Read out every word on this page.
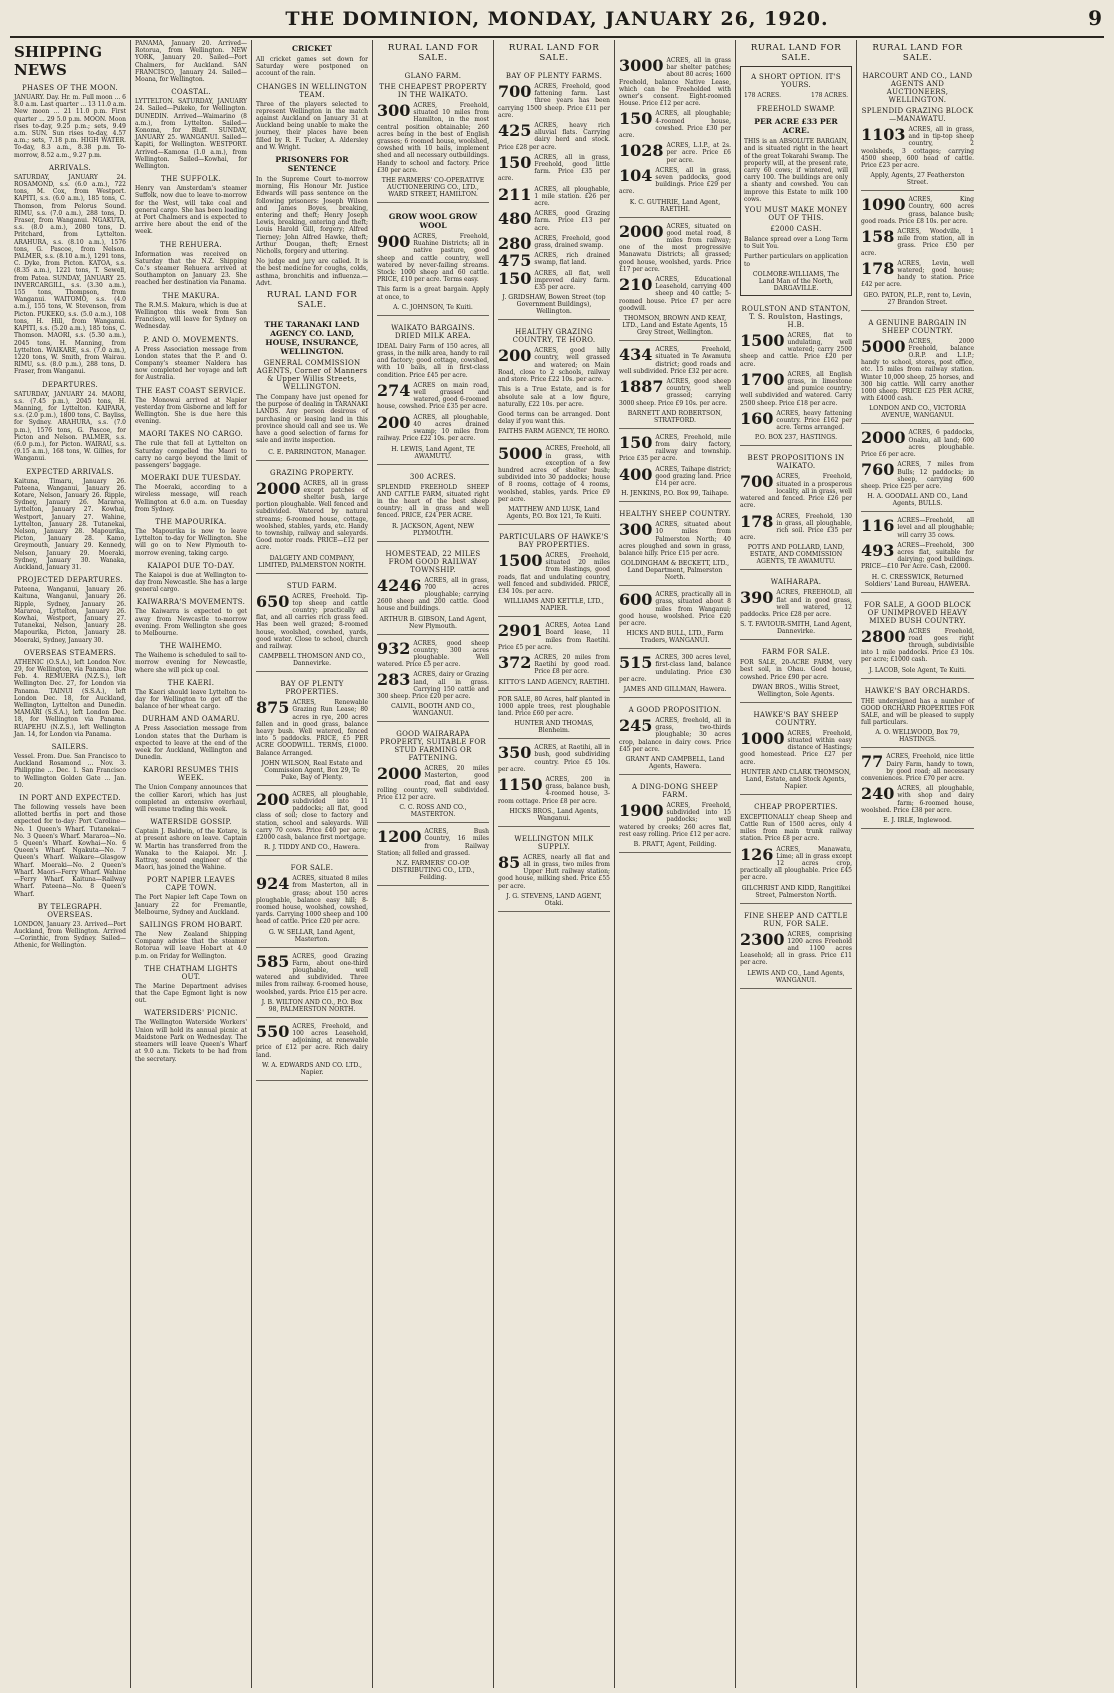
THE DOMINION, MONDAY, JANUARY 26, 1920.	9
SHIPPING NEWS
PHASES OF THE MOON.

JANUARY. Day. Hr. m. Full moon ... 6 8.0 a.m. Last quarter ... 13 11.0 a.m. New moon ... 21 11.0 p.m. First quarter ... 29 5.0 p.m. MOON. Moon rises to-day, 9.25 p.m.; sets, 9.49 a.m. SUN. Sun rises to-day, 4.57 a.m.; sets, 7.18 p.m. HIGH WATER. To-day, 8.3 a.m., 8.38 p.m. To-morrow, 8.52 a.m., 9.27 p.m.

ARRIVALS.

SATURDAY, JANUARY 24. ROSAMOND, s.s. (6.0 a.m.), 722 tons, M. Cox, from Westport. KAPITI, s.s. (6.0 a.m.), 185 tons, C. Thomson, from Pelorus Sound. RIMU, s.s. (7.0 a.m.), 288 tons, D. Fraser, from Wanganui. NGAKUTA, s.s. (8.0 a.m.), 2080 tons, D. Pritchard, from Lyttelton. ARAHURA, s.s. (8.10 a.m.), 1576 tons, G. Pascoe, from Nelson. PALMER, s.s. (8.10 a.m.), 1291 tons, C. Dyke, from Picton. KATOA, s.s. (8.35 a.m.), 1221 tons, T. Sewell, from Patea. SUNDAY, JANUARY 25. INVERCARGILL, s.s. (3.30 a.m.), 155 tons, Thompson, from Wanganui. WAITOMO, s.s. (4.0 a.m.), 155 tons, W. Stevenson, from Picton. PUKEKO, s.s. (5.0 a.m.), 108 tons, H. Hill, from Wanganui. KAPITI, s.s. (5.20 a.m.), 185 tons, C. Thomson. MAORI, s.s. (5.30 a.m.), 2045 tons, H. Manning, from Lyttelton. WAIKARE, s.s. (7.0 a.m.), 1220 tons, W. Smith, from Wairau. RIMU, s.s. (8.0 p.m.), 288 tons, D. Fraser, from Wanganui.

DEPARTURES.

SATURDAY, JANUARY 24. MAORI, s.s. (7.45 p.m.), 2045 tons, H. Manning, for Lyttelton. KAIPARA, s.s. (2.0 p.m.), 1800 tons, C. Bayliss, for Sydney. ARAHURA, s.s. (7.0 p.m.), 1576 tons, G. Pascoe, for Picton and Nelson. PALMER, s.s. (6.0 p.m.), for Picton. WAIRAU, s.s. (9.15 a.m.), 168 tons, W. Gillies, for Wanganui.

EXPECTED ARRIVALS.

Kaituna, Timaru, January 26. Pateena, Wanganui, January 26. Kotare, Nelson, January 26. Ripple, Sydney, January 26. Mararoa, Lyttelton, January 27. Kowhai, Westport, January 27. Wahine, Lyttelton, January 28. Tutanekai, Nelson, January 28. Mapourika, Picton, January 28. Kamo, Greymouth, January 29. Kennedy, Nelson, January 29. Moeraki, Sydney, January 30. Wanaka, Auckland, January 31.

PROJECTED DEPARTURES.

Pateena, Wanganui, January 26. Kaituna, Wanganui, January 26. Ripple, Sydney, January 26. Mararoa, Lyttelton, January 26. Kowhai, Westport, January 27. Tutanekai, Nelson, January 28. Mapourika, Picton, January 28. Moeraki, Sydney, January 30.

OVERSEAS STEAMERS.

ATHENIC (O.S.A.), left London Nov. 29, for Wellington, via Panama. Due Feb. 4. REMUERA (N.Z.S.), left Wellington Dec. 27, for London via Panama. TAINUI (S.S.A.), left London Dec. 18, for Auckland, Wellington, Lyttelton and Dunedin. MAMARI (S.S.A.), left London Dec. 18, for Wellington via Panama. RUAPEHU (N.Z.S.), left Wellington Jan. 14, for London via Panama.

SAILERS.

Vessel. From. Due. San Francisco to Auckland Rosamond ... Nov. 3. Philippine ... Dec. 1. San Francisco to Wellington Golden Gate ... Jan. 20.

IN PORT AND EXPECTED.

The following vessels have been allotted berths in port and those expected for to-day: Port Caroline—No. 1 Queen's Wharf. Tutanekai—No. 3 Queen's Wharf. Mararoa—No. 5 Queen's Wharf. Kowhai—No. 6 Queen's Wharf. Ngakuta—No. 7 Queen's Wharf. Waikare—Glasgow Wharf. Moeraki—No. 2 Queen's Wharf. Maori—Ferry Wharf. Wahine—Ferry Wharf. Kaituna—Railway Wharf. Pateena—No. 8 Queen's Wharf.

BY TELEGRAPH. OVERSEAS.

LONDON, January 23. Arrived—Port Auckland, from Wellington. Arrived—Corinthic, from Sydney. Sailed—Athenic, for Wellington.

PANAMA, January 20. Arrived—Rotorua, from Wellington. NEW YORK, January 20. Sailed—Port Chalmers, for Auckland. SAN FRANCISCO, January 24. Sailed—Moana, for Wellington.

COASTAL.

LYTTELTON. SATURDAY, JANUARY 24. Sailed—Pukeko, for Wellington. DUNEDIN. Arrived—Waimarino (8 a.m.), from Lyttelton. Sailed—Konoma, for Bluff. SUNDAY, JANUARY 25. WANGANUI. Sailed—Kapiti, for Wellington. WESTPORT. Arrived—Kamona (1.0 a.m.), from Wellington. Sailed—Kowhai, for Wellington.

THE SUFFOLK.

Henry van Amsterdam's steamer Suffolk, now due to leave to-morrow for the West, will take coal and general cargo. She has been loading at Port Chalmers and is expected to arrive here about the end of the week.

THE REHUERA.

Information was received on Saturday that the N.Z. Shipping Co.'s steamer Rehuera arrived at Southampton on January 23. She reached her destination via Panama.

THE MAKURA.

The R.M.S. Makura, which is due at Wellington this week from San Francisco, will leave for Sydney on Wednesday.

P. AND O. MOVEMENTS.

A Press Association message from London states that the P. and O. Company's steamer Naldera has now completed her voyage and left for Australia.

THE EAST COAST SERVICE.

The Monowai arrived at Napier yesterday from Gisborne and left for Wellington. She is due here this evening.

MAORI TAKES NO CARGO.

The rule that fell at Lyttelton on Saturday compelled the Maori to carry no cargo beyond the limit of passengers' baggage.

MOERAKI DUE TUESDAY.

The Moeraki, according to a wireless message, will reach Wellington at 6.0 a.m. on Tuesday from Sydney.

THE MAPOURIKA.

The Mapourika is now to leave Lyttelton to-day for Wellington. She will go on to New Plymouth to-morrow evening, taking cargo.

KAIAPOI DUE TO-DAY.

The Kaiapoi is due at Wellington to-day from Newcastle. She has a large general cargo.

KAIWARRA'S MOVEMENTS.

The Kaiwarra is expected to get away from Newcastle to-morrow evening. From Wellington she goes to Melbourne.

THE WAIHEMO.

The Waihemo is scheduled to sail to-morrow evening for Newcastle, where she will pick up coal.

THE KAERI.

The Kaeri should leave Lyttelton to-day for Wellington to get off the balance of her wheat cargo.

DURHAM AND OAMARU.

A Press Association message from London states that the Durham is expected to leave at the end of the week for Auckland, Wellington and Dunedin.

KARORI RESUMES THIS WEEK.

The Union Company announces that the collier Karori, which has just completed an extensive overhaul, will resume trading this week.

WATERSIDE GOSSIP.

Captain J. Baldwin, of the Kotare, is at present ashore on leave. Captain W. Martin has transferred from the Wanaka to the Kaiapoi. Mr. J. Rattray, second engineer of the Maori, has joined the Wahine.

PORT NAPIER LEAVES CAPE TOWN.

The Port Napier left Cape Town on January 22 for Fremantle, Melbourne, Sydney and Auckland.

SAILINGS FROM HOBART.

The New Zealand Shipping Company advise that the steamer Rotorua will leave Hobart at 4.0 p.m. on Friday for Wellington.

THE CHATHAM LIGHTS OUT.

The Marine Department advises that the Cape Egmont light is now out.

WATERSIDERS' PICNIC.

The Wellington Waterside Workers' Union will hold its annual picnic at Maidstone Park on Wednesday. The steamers will leave Queen's Wharf at 9.0 a.m. Tickets to be had from the secretary.

CRICKET

All cricket games set down for Saturday were postponed on account of the rain.

CHANGES IN WELLINGTON TEAM.

Three of the players selected to represent Wellington in the match against Auckland on January 31 at Auckland being unable to make the journey, their places have been filled by R. F. Tucker, A. Aldersley and W. Wright.

PRISONERS FOR SENTENCE

In the Supreme Court to-morrow morning, His Honour Mr. Justice Edwards will pass sentence on the following prisoners: Joseph Wilson and James Boyes, breaking, entering and theft; Henry Joseph Lewis, breaking, entering and theft; Louis Harold Gill, forgery; Alfred Tierney; John Alfred Hawke, theft; Arthur Dougan, theft; Ernest Nicholls, forgery and uttering.

No judge and jury are called. It is the best medicine for coughs, colds, asthma, bronchitis and influenza.—Advt.

RURAL LAND FOR SALE.
THE TARANAKI LAND AGENCY CO. LAND, HOUSE, INSURANCE, WELLINGTON.
GENERAL COMMISSION AGENTS, Corner of Manners & Upper Willis Streets, WELLINGTON.

The Company have just opened for the purpose of dealing in TARANAKI LANDS. Any person desirous of purchasing or leasing land in this province should call and see us. We have a good selection of farms for sale and invite inspection.

C. E. PARRINGTON, Manager.
GRAZING PROPERTY.
2000 ACRES, all in grass except patches of shelter bush, large portion ploughable. Well fenced and subdivided. Watered by natural streams; 6-roomed house, cottage, woolshed, stables, yards, etc. Handy to township, railway and saleyards. Good motor roads. PRICE—£12 per acre.

DALGETY AND COMPANY, LIMITED, PALMERSTON NORTH.
STUD FARM.
650 ACRES, Freehold. Tip-top sheep and cattle country; practically all flat, and all carries rich grass feed. Has been well grazed; 8-roomed house, woolshed, cowshed, yards, good water. Close to school, church and railway.

CAMPBELL THOMSON AND CO., Dannevirke.
BAY OF PLENTY PROPERTIES.
875 ACRES, Renewable Grazing Run Lease; 80 acres in rye, 200 acres fallen and in good grass, balance heavy bush. Well watered, fenced into 5 paddocks. PRICE, £5 PER ACRE GOODWILL. TERMS, £1000. Balance Arranged.

JOHN WILSON, Real Estate and Commission Agent, Box 29, Te Puke, Bay of Plenty.
200 ACRES, all ploughable, subdivided into 11 paddocks; all flat, good class of soil; close to factory and station, school and saleyards. Will carry 70 cows. Price £40 per acre; £2000 cash, balance first mortgage.

R. J. TIDDY AND CO., Hawera.
FOR SALE.
924 ACRES, situated 8 miles from Masterton, all in grass; about 150 acres ploughable, balance easy hill; 8-roomed house, woolshed, cowshed, yards. Carrying 1000 sheep and 100 head of cattle. Price £20 per acre.

G. W. SELLAR, Land Agent, Masterton.
585 ACRES, good Grazing Farm, about one-third ploughable, well watered and subdivided. Three miles from railway. 6-roomed house, woolshed, yards. Price £15 per acre.

J. B. WILTON AND CO., P.O. Box 98, PALMERSTON NORTH.
550 ACRES, Freehold, and 100 acres Leasehold, adjoining, at renewable price of £12 per acre. Rich dairy land.

W. A. EDWARDS AND CO. LTD., Napier.
RURAL LAND FOR SALE.
GLANO FARM.
THE CHEAPEST PROPERTY IN THE WAIKATO.
300 ACRES, Freehold, situated 10 miles from Hamilton, in the most central position obtainable; 260 acres being in the best of English grasses; 6 roomed house, woolshed, cowshed with 10 bails, implement shed and all necessary outbuildings. Handy to school and factory. Price £30 per acre.

THE FARMERS' CO-OPERATIVE AUCTIONEERING CO., LTD., WARD STREET, HAMILTON.
GROW WOOL GROW WOOL
900 ACRES, Freehold, Ruahine Districts; all in native pasture, good sheep and cattle country, well watered by never-failing streams. Stock: 1000 sheep and 60 cattle. PRICE, £10 per acre. Terms easy.

This farm is a great bargain. Apply at once, to

A. C. JOHNSON, Te Kuiti.
WAIKATO BARGAINS. DRIED MILK AREA.

IDEAL Dairy Farm of 150 acres, all grass, in the milk area, handy to rail and factory; good cottage, cowshed, with 10 bails, all in first-class condition. Price £45 per acre.

274 ACRES on main road, well grassed and watered, good 6-roomed house, cowshed. Price £35 per acre.

200 ACRES, all ploughable, 40 acres drained swamp; 10 miles from railway. Price £22 10s. per acre.

H. LEWIS, Land Agent, TE AWAMUTU.
300 ACRES.

SPLENDID FREEHOLD SHEEP AND CATTLE FARM, situated right in the heart of the best sheep country; all in grass and well fenced. PRICE, £24 PER ACRE.

R. JACKSON, Agent, NEW PLYMOUTH.
HOMESTEAD, 22 MILES FROM GOOD RAILWAY TOWNSHIP.
4246 ACRES, all in grass, 700 acres ploughable; carrying 2600 sheep and 200 cattle. Good house and buildings.

ARTHUR B. GIBSON, Land Agent, New Plymouth.
932 ACRES, good sheep country; 300 acres ploughable. Well watered. Price £5 per acre.

283 ACRES, dairy or Grazing land, all in grass. Carrying 150 cattle and 300 sheep. Price £20 per acre.

CALVIL, BOOTH AND CO., WANGANUI.
GOOD WAIRARAPA PROPERTY, SUITABLE FOR STUD FARMING OR FATTENING.
2000 ACRES, 20 miles Masterton, good road, flat and easy rolling country, well subdivided. Price £12 per acre.

C. C. ROSS AND CO., MASTERTON.
1200 ACRES, Bush Country, 16 miles from Railway Station; all felled and grassed.

N.Z. FARMERS' CO-OP. DISTRIBUTING CO., LTD., Feilding.
RURAL LAND FOR SALE.
BAY OF PLENTY FARMS.
700 ACRES, Freehold, good fattening farm. Last three years has been carrying 1500 sheep. Price £11 per acre.

425 ACRES, heavy rich alluvial flats. Carrying dairy herd and stock. Price £28 per acre.

150 ACRES, all in grass, Freehold, good little farm. Price £35 per acre.

211 ACRES, all ploughable, 1 mile station. £26 per acre.

480 ACRES, good Grazing farm. Price £13 per acre.

280 ACRES, Freehold, good grass, drained swamp.

475 ACRES, rich drained swamp, flat land.

150 ACRES, all flat, well improved dairy farm. £35 per acre.

J. GRIDSHAW, Bowen Street (top Government Buildings), Wellington.
HEALTHY GRAZING COUNTRY, TE HORO.
200 ACRES, good hilly country, well grassed and watered; on Main Road, close to 2 schools, railway and store. Price £22 10s. per acre.

This is a True Estate, and is for absolute sale at a low figure, naturally, £22 10s. per acre.

Good terms can be arranged. Dont delay if you want this.

FAITHS FARM AGENCY, TE HORO.
5000 ACRES, Freehold, all in grass, with exception of a few hundred acres of shelter bush; subdivided into 30 paddocks; house of 8 rooms, cottage of 4 rooms, woolshed, stables, yards. Price £9 per acre.

MATTHEW AND LUSK, Land Agents, P.O. Box 121, Te Kuiti.
PARTICULARS OF HAWKE'S BAY PROPERTIES.
1500 ACRES, Freehold, situated 20 miles from Hastings, good roads, flat and undulating country, well fenced and subdivided. PRICE, £34 10s. per acre.

WILLIAMS AND KETTLE, LTD., NAPIER.
2901 ACRES, Aotea Land Board lease, 11 miles from Raetihi. Price £5 per acre.

372 ACRES, 20 miles from Raetihi by good road. Price £8 per acre.

KITTO'S LAND AGENCY, RAETIHI.

FOR SALE, 80 Acres, half planted in 1000 apple trees, rest ploughable land. Price £60 per acre.

HUNTER AND THOMAS, Blenheim.
350 ACRES, at Raetihi, all in bush, good subdividing country. Price £5 10s. per acre.

1150 ACRES, 200 in grass, balance bush, 4-roomed house, 3-room cottage. Price £8 per acre.

HICKS BROS., Land Agents, Wanganui.
WELLINGTON MILK SUPPLY.
85 ACRES, nearly all flat and all in grass, two miles from Upper Hutt railway station; good house, milking shed. Price £55 per acre.

J. G. STEVENS, LAND AGENT, Otaki.
3000 ACRES, all in grass bar shelter patches; about 80 acres; 1600 Freehold, balance Native Lease, which can be Freeholded with owner's consent. Eight-roomed House. Price £12 per acre.

150 ACRES, all ploughable; 4-roomed house, cowshed. Price £30 per acre.

1028 ACRES, L.I.P., at 2s. per acre. Price £6 per acre.

104 ACRES, all in grass, seven paddocks, good buildings. Price £29 per acre.

K. C. GUTHRIE, Land Agent, RAETIHI.
2000 ACRES, situated on good metal road, 8 miles from railway; one of the most progressive Manawatu Districts; all grassed; good house, woolshed, yards. Price £17 per acre.

210 ACRES, Educational Leasehold, carrying 400 sheep and 40 cattle; 5-roomed house. Price £7 per acre goodwill.

THOMSON, BROWN AND KEAT, LTD., Land and Estate Agents, 15 Grey Street, Wellington.
434 ACRES, Freehold, situated in Te Awamutu district; good roads and well subdivided. Price £32 per acre.

1887 ACRES, good sheep country, well grassed; carrying 3000 sheep. Price £9 10s. per acre.

BARNETT AND ROBERTSON, STRATFORD.
150 ACRES, Freehold, mile from dairy factory, railway and township. Price £35 per acre.

400 ACRES, Taihape district; good grazing land. Price £14 per acre.

H. JENKINS, P.O. Box 99, Taihape.
HEALTHY SHEEP COUNTRY.
300 ACRES, situated about 10 miles from Palmerston North; 40 acres ploughed and sown in grass, balance hilly. Price £15 per acre.

GOLDINGHAM & BECKETT, LTD., Land Department, Palmerston North.
600 ACRES, practically all in grass, situated about 8 miles from Wanganui; good house, woolshed. Price £20 per acre.

HICKS AND BULL, LTD., Farm Traders, WANGANUI.
515 ACRES, 300 acres level, first-class land, balance undulating. Price £30 per acre.

JAMES AND GILLMAN, Hawera.
A GOOD PROPOSITION.
245 ACRES, freehold, all in grass, two-thirds ploughable; 30 acres crop, balance in dairy cows. Price £45 per acre.

GRANT AND CAMPBELL, Land Agents, Hawera.
A DING-DONG SHEEP FARM.
1900 ACRES, Freehold, subdivided into 15 paddocks; well watered by creeks; 260 acres flat, rest easy rolling. Price £12 per acre.

B. PRATT, Agent, Feilding.
RURAL LAND FOR SALE.
A SHORT OPTION. IT'S YOURS.
178 ACRES.	178 ACRES.
FREEHOLD SWAMP.
PER ACRE £33 PER ACRE.

THIS is an ABSOLUTE BARGAIN, and is situated right in the heart of the great Tokarahi Swamp. The property will, at the present rate, carry 60 cows; if wintered, will carry 100. The buildings are only a shanty and cowshed. You can improve this Estate to milk 100 cows.

YOU MUST MAKE MONEY OUT OF THIS.
£2000 CASH.

Balance spread over a Long Term to Suit You.

Further particulars on application to

COLMORE-WILLIAMS, The Land Man of the North, DARGAVILLE.
ROULSTON AND STANTON, T. S. Roulston, Hastings, H.B.
1500 ACRES, flat to undulating, well watered; carry 2500 sheep and cattle. Price £20 per acre.

1700 ACRES, all English grass, in limestone and pumice country; well subdivided and watered. Carry 2500 sheep. Price £18 per acre.

160 ACRES, heavy fattening country. Price £162 per acre. Terms arranged.

P.O. BOX 237, HASTINGS.
BEST PROPOSITIONS IN WAIKATO.
700 ACRES, Freehold, situated in a prosperous locality, all in grass, well watered and fenced. Price £26 per acre.

178 ACRES, Freehold, 130 in grass, all ploughable, rich soil. Price £35 per acre.

POTTS AND POLLARD, LAND, ESTATE, AND COMMISSION AGENTS, TE AWAMUTU.
WAIHARAPA.
390 ACRES, FREEHOLD, all flat and in good grass, well watered, 12 paddocks. Price £28 per acre.

S. T. FAVIOUR-SMITH, Land Agent, Dannevirke.
FARM FOR SALE.

FOR SALE, 20-ACRE FARM, very best soil, in Ohau. Good house, cowshed. Price £90 per acre.

DWAN BROS., Willis Street, Wellington, Sole Agents.
HAWKE'S BAY SHEEP COUNTRY.
1000 ACRES, Freehold, situated within easy distance of Hastings; good homestead. Price £27 per acre.

HUNTER AND CLARK THOMSON, Land, Estate, and Stock Agents, Napier.
CHEAP PROPERTIES.

EXCEPTIONALLY cheap Sheep and Cattle Run of 1500 acres, only 4 miles from main trunk railway station. Price £8 per acre.

126 ACRES, Manawatu, Lime; all in grass except 12 acres crop, practically all ploughable. Price £45 per acre.

GILCHRIST AND KIDD, Rangitikei Street, Palmerston North.
FINE SHEEP AND CATTLE RUN, FOR SALE.
2300 ACRES, comprising 1200 acres Freehold and 1100 acres Leasehold; all in grass. Price £11 per acre.

LEWIS AND CO., Land Agents, WANGANUI.
RURAL LAND FOR SALE.
HARCOURT AND CO., LAND AGENTS AND AUCTIONEERS, WELLINGTON.
SPLENDID GRAZING BLOCK—MANAWATU.
1103 ACRES, all in grass, and in tip-top sheep country, 2 woolsheds, 3 cottages; carrying 4500 sheep, 600 head of cattle. Price £23 per acre.

Apply, Agents, 27 Featherston Street.
1090 ACRES, King Country, 600 acres grass, balance bush; good roads. Price £8 10s. per acre.

158 ACRES, Woodville, 1 mile from station, all in grass. Price £50 per acre.

178 ACRES, Levin, well watered; good house; handy to station. Price £42 per acre.

GEO. PATON, P.L.P., rent to, Levin, 27 Brandon Street.
A GENUINE BARGAIN IN SHEEP COUNTRY.
5000 ACRES, 2000 Freehold, balance O.R.P. and L.I.P.; handy to school, stores, post office, etc. 15 miles from railway station. Winter 10,000 sheep, 25 horses, and 300 big cattle. Will carry another 1000 sheep. PRICE £25 PER ACRE, with £4000 cash.

LONDON AND CO., VICTORIA AVENUE, WANGANUI.
2000 ACRES, 6 paddocks, Onaku, all land; 600 acres ploughable. Price £6 per acre.

760 ACRES, 7 miles from Bulls; 12 paddocks; in sheep, carrying 600 sheep. Price £25 per acre.

H. A. GOODALL AND CO., Land Agents, BULLS.
116 ACRES—Freehold, all level and all ploughable; will carry 35 cows.

493 ACRES—Freehold, 300 acres flat, suitable for dairying; good buildings. PRICE—£10 Per Acre. Cash, £2000.

H. C. CRESSWICK, Returned Soldiers' Land Bureau, HAWERA.
FOR SALE, A GOOD BLOCK OF UNIMPROVED HEAVY MIXED BUSH COUNTRY.
2800 ACRES Freehold, road goes right through, subdivisible into 1 mile paddocks. Price £3 10s. per acre; £1000 cash.

J. LACOB, Sole Agent, Te Kuiti.
HAWKE'S BAY ORCHARDS.

THE undersigned has a number of GOOD ORCHARD PROPERTIES FOR SALE, and will be pleased to supply full particulars.

A. O. WELLWOOD, Box 79, HASTINGS.
77 ACRES, Freehold, nice little Dairy Farm, handy to town, by good road; all necessary conveniences. Price £70 per acre.

240 ACRES, all ploughable, with shop and dairy farm; 6-roomed house, woolshed. Price £38 per acre.

E. J. IRLE, Inglewood.
